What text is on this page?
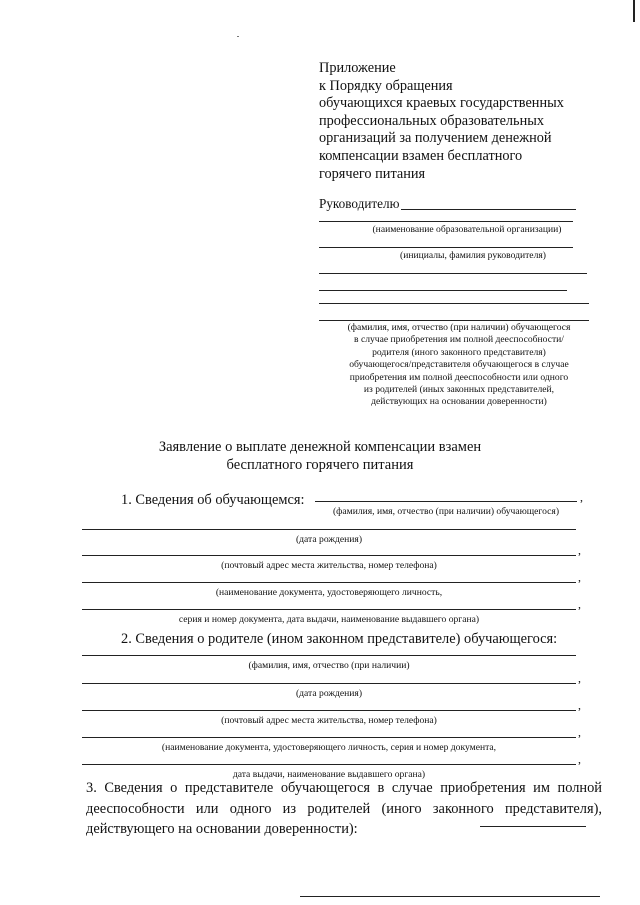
Приложение
к Порядку обращения
обучающихся краевых государственных
профессиональных образовательных
организаций за получением денежной
компенсации взамен бесплатного
горячего питания
Руководителю
(наименование образовательной организации)
(инициалы, фамилия руководителя)
(фамилия, имя, отчество (при наличии) обучающегося
в случае приобретения им полной дееспособности/
родителя (иного законного представителя)
обучающегося/представителя обучающегося в случае
приобретения им полной дееспособности или одного
из родителей (иных законных представителей,
действующих на основании доверенности)
Заявление о выплате денежной компенсации взамен
бесплатного горячего питания
1. Сведения об обучающемся:	,
(фамилия, имя, отчество (при наличии) обучающегося)
(дата рождения)
,
(почтовый адрес места жительства, номер телефона)
,
(наименование документа, удостоверяющего личность,
,
серия и номер документа, дата выдачи, наименование выдавшего органа)
2. Сведения о родителе (ином законном представителе) обучающегося:
(фамилия, имя, отчество (при наличии)
,
(дата рождения)
,
(почтовый адрес места жительства, номер телефона)
,
(наименование документа, удостоверяющего личность, серия и номер документа,
,
дата выдачи, наименование выдавшего органа)
3. Сведения о представителе обучающегося в случае приобретения им полной дееспособности или одного из родителей (иного законного представителя), действующего на основании доверенности):
